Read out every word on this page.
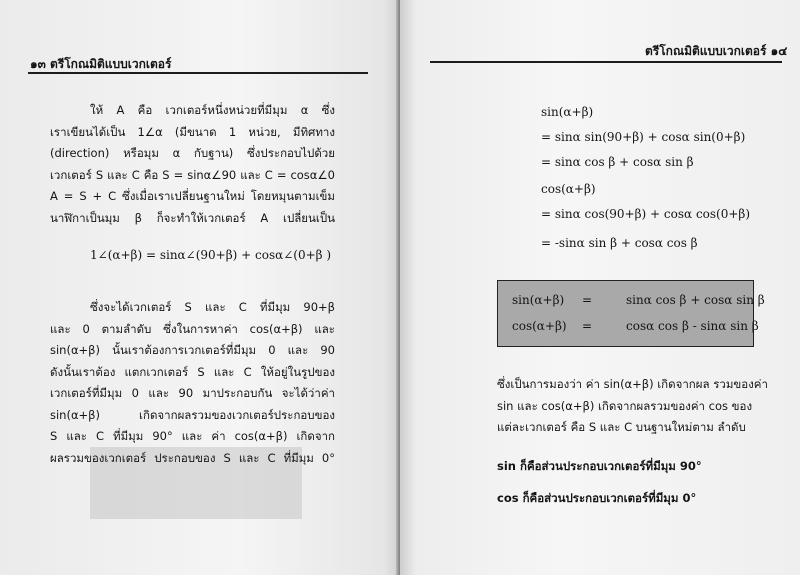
๑๓ ตรีโกณมิติแบบเวกเตอร์
ให้ A คือ เวกเตอร์หนึ่งหน่วยที่มีมุม α ซึ่ง
เราเขียนได้เป็น 1∠α (มีขนาด 1 หน่วย, มีทิศทาง
(direction) หรือมุม α กับฐาน) ซึ่งประกอบไปด้วย
เวกเตอร์ S และ C คือ S = sinα∠90 และ C = cosα∠0
A = S + C ซึ่งเมื่อเราเปลี่ยนฐานใหม่ โดยหมุนตามเข็ม
นาฬิกาเป็นมุม β ก็จะทำให้เวกเตอร์ A เปลี่ยนเป็น
1∠(α+β) = sinα∠(90+β) + cosα∠(0+β )
ซึ่งจะได้เวกเตอร์ S และ C ที่มีมุม 90+β
และ 0 ตามลำดับ ซึ่งในการหาค่า cos(α+β) และ
sin(α+β) นั้นเราต้องการเวกเตอร์ที่มีมุม 0 และ 90
ดังนั้นเราต้อง แตกเวกเตอร์ S และ C ให้อยู่ในรูปของ
เวกเตอร์ที่มีมุม 0 และ 90 มาประกอบกัน จะได้ว่าค่า
sin(α+β) เกิดจากผลรวมของเวกเตอร์ประกอบของ
S และ C ที่มีมุม 90° และ ค่า cos(α+β) เกิดจาก
ผลรวมของเวกเตอร์ ประกอบของ S และ C ที่มีมุม 0°
ตรีโกณมิติแบบเวกเตอร์ ๑๔
sin(α+β)
= sinα sin(90+β) + cosα sin(0+β)
= sinα cos β + cosα sin β
cos(α+β)
= sinα cos(90+β) + cosα cos(0+β)
= -sinα sin β + cosα cos β
sin(α+β) =	sinα cos β + cosα sin β
cos(α+β) =	cosα cos β - sinα sin β
ซึ่งเป็นการมองว่า ค่า sin(α+β) เกิดจากผล รวมของค่า
sin และ cos(α+β) เกิดจากผลรวมของค่า cos ของ
แต่ละเวกเตอร์ คือ S และ C บนฐานใหม่ตาม ลำดับ
sin ก็คือส่วนประกอบเวกเตอร์ที่มีมุม 90°
cos ก็คือส่วนประกอบเวกเตอร์ที่มีมุม 0°
